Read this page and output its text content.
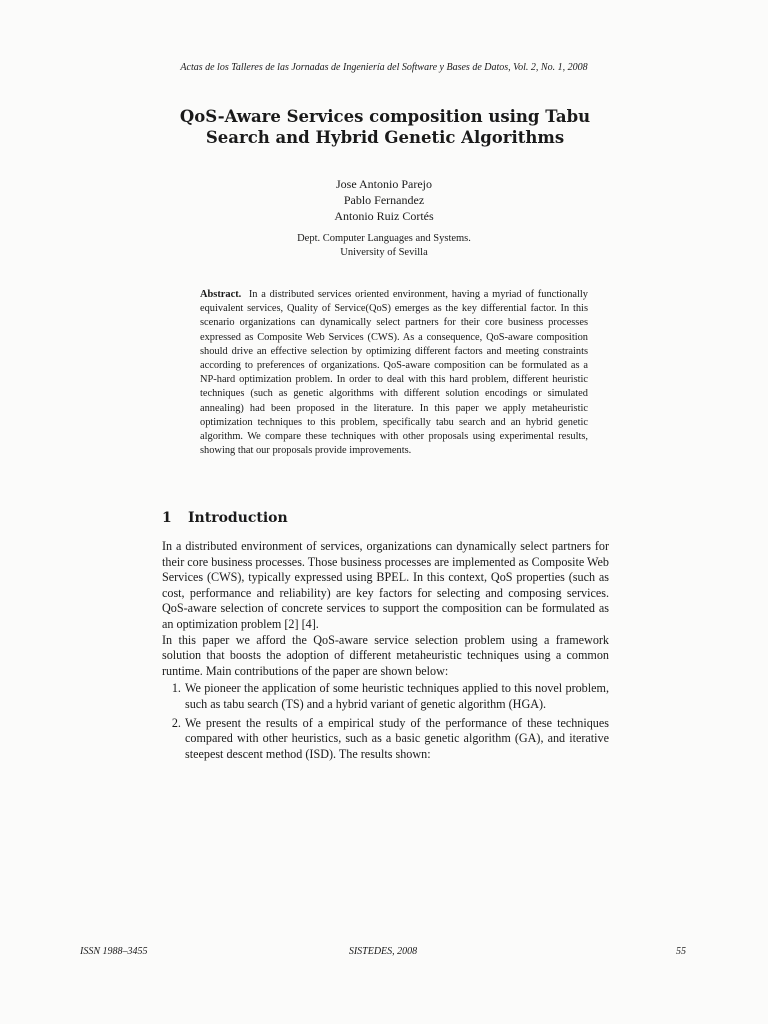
Actas de los Talleres de las Jornadas de Ingeniería del Software y Bases de Datos, Vol. 2, No. 1, 2008
QoS-Aware Services composition using Tabu Search and Hybrid Genetic Algorithms
Jose Antonio Parejo
Pablo Fernandez
Antonio Ruiz Cortés
Dept. Computer Languages and Systems.
University of Sevilla

Abstract. In a distributed services oriented environment, having a myriad of functionally equivalent services, Quality of Service(QoS) emerges as the key differential factor. In this scenario organizations can dynamically select partners for their core business processes expressed as Composite Web Services (CWS). As a consequence, QoS-aware composition should drive an effective selection by optimizing different factors and meeting constraints according to preferences of organizations. QoS-aware composition can be formulated as a NP-hard optimization problem. In order to deal with this hard problem, different heuristic techniques (such as genetic algorithms with different solution encodings or simulated annealing) had been proposed in the literature. In this paper we apply metaheuristic optimization techniques to this problem, specifically tabu search and an hybrid genetic algorithm. We compare these techniques with other proposals using experimental results, showing that our proposals provide improvements.

1 Introduction

In a distributed environment of services, organizations can dynamically select partners for their core business processes. Those business processes are implemented as Composite Web Services (CWS), typically expressed using BPEL. In this context, QoS properties (such as cost, performance and reliability) are key factors for selecting and composing services. QoS-aware selection of concrete services to support the composition can be formulated as an optimization problem [2] [4].

In this paper we afford the QoS-aware service selection problem using a framework solution that boosts the adoption of different metaheuristic techniques using a common runtime. Main contributions of the paper are shown below:

1. We pioneer the application of some heuristic techniques applied to this novel problem, such as tabu search (TS) and a hybrid variant of genetic algorithm (HGA).
2. We present the results of a empirical study of the performance of these techniques compared with other heuristics, such as a basic genetic algorithm (GA), and iterative steepest descent method (ISD). The results shown:
ISSN 1988–3455	SISTEDES, 2008	55
